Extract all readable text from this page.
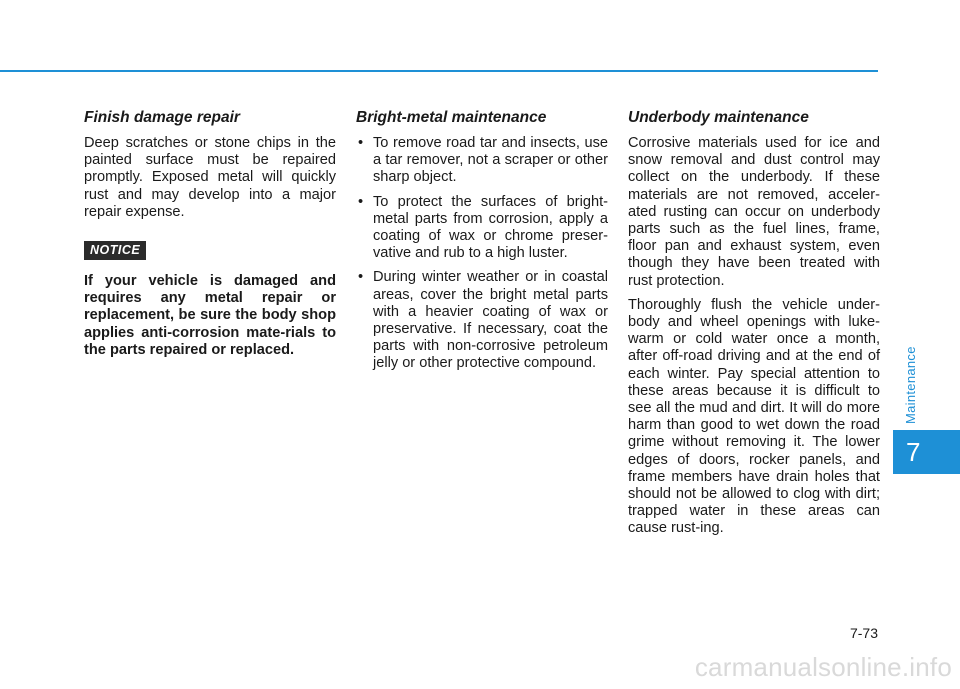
Finish damage repair

Deep scratches or stone chips in the painted surface must be repaired promptly. Exposed metal will quickly rust and may develop into a major repair expense.

NOTICE

If your vehicle is damaged and requires any metal repair or replacement, be sure the body shop applies anti-corrosion mate-rials to the parts repaired or replaced.

Bright-metal maintenance
• To remove road tar and insects, use a tar remover, not a scraper or other sharp object.
• To protect the surfaces of bright-metal parts from corrosion, apply a coating of wax or chrome preser-vative and rub to a high luster.
• During winter weather or in coastal areas, cover the bright metal parts with a heavier coating of wax or preservative. If necessary, coat the parts with non-corrosive petroleum jelly or other protective compound.
Underbody maintenance

Corrosive materials used for ice and snow removal and dust control may collect on the underbody. If these materials are not removed, acceler-ated rusting can occur on underbody parts such as the fuel lines, frame, floor pan and exhaust system, even though they have been treated with rust protection.

Thoroughly flush the vehicle under-body and wheel openings with luke-warm or cold water once a month, after off-road driving and at the end of each winter. Pay special attention to these areas because it is difficult to see all the mud and dirt. It will do more harm than good to wet down the road grime without removing it. The lower edges of doors, rocker panels, and frame members have drain holes that should not be allowed to clog with dirt; trapped water in these areas can cause rust-ing.

Maintenance
7
7-73
carmanualsonline.info
